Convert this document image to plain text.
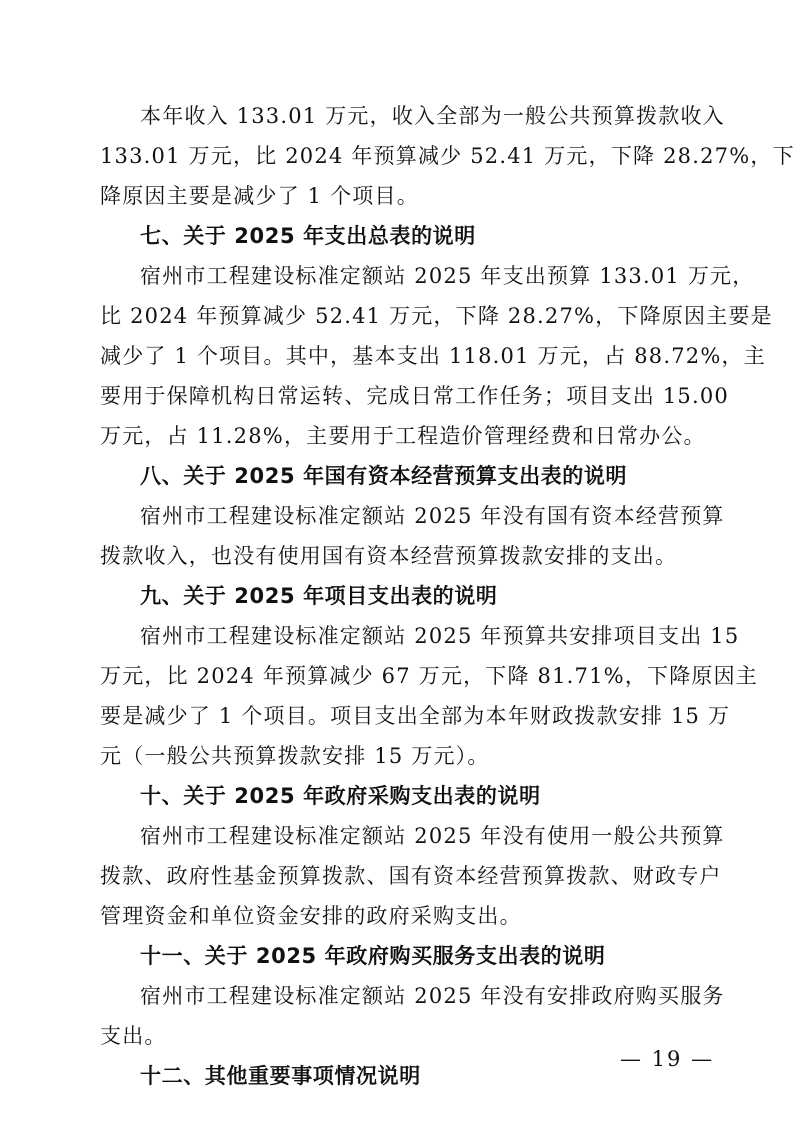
本年收入 133.01 万元，收入全部为一般公共预算拨款收入
133.01 万元，比 2024 年预算减少 52.41 万元，下降 28.27%，下
降原因主要是减少了 1 个项目。
七、关于 2025 年支出总表的说明
宿州市工程建设标准定额站 2025 年支出预算 133.01 万元，
比 2024 年预算减少 52.41 万元，下降 28.27%，下降原因主要是
减少了 1 个项目。其中，基本支出 118.01 万元，占 88.72%，主
要用于保障机构日常运转、完成日常工作任务；项目支出 15.00
万元，占 11.28%，主要用于工程造价管理经费和日常办公。
八、关于 2025 年国有资本经营预算支出表的说明
宿州市工程建设标准定额站 2025 年没有国有资本经营预算
拨款收入，也没有使用国有资本经营预算拨款安排的支出。
九、关于 2025 年项目支出表的说明
宿州市工程建设标准定额站 2025 年预算共安排项目支出 15
万元，比 2024 年预算减少 67 万元，下降 81.71%，下降原因主
要是减少了 1 个项目。项目支出全部为本年财政拨款安排 15 万
元（一般公共预算拨款安排 15 万元）。
十、关于 2025 年政府采购支出表的说明
宿州市工程建设标准定额站 2025 年没有使用一般公共预算
拨款、政府性基金预算拨款、国有资本经营预算拨款、财政专户
管理资金和单位资金安排的政府采购支出。
十一、关于 2025 年政府购买服务支出表的说明
宿州市工程建设标准定额站 2025 年没有安排政府购买服务
支出。
十二、其他重要事项情况说明
— 19 —
